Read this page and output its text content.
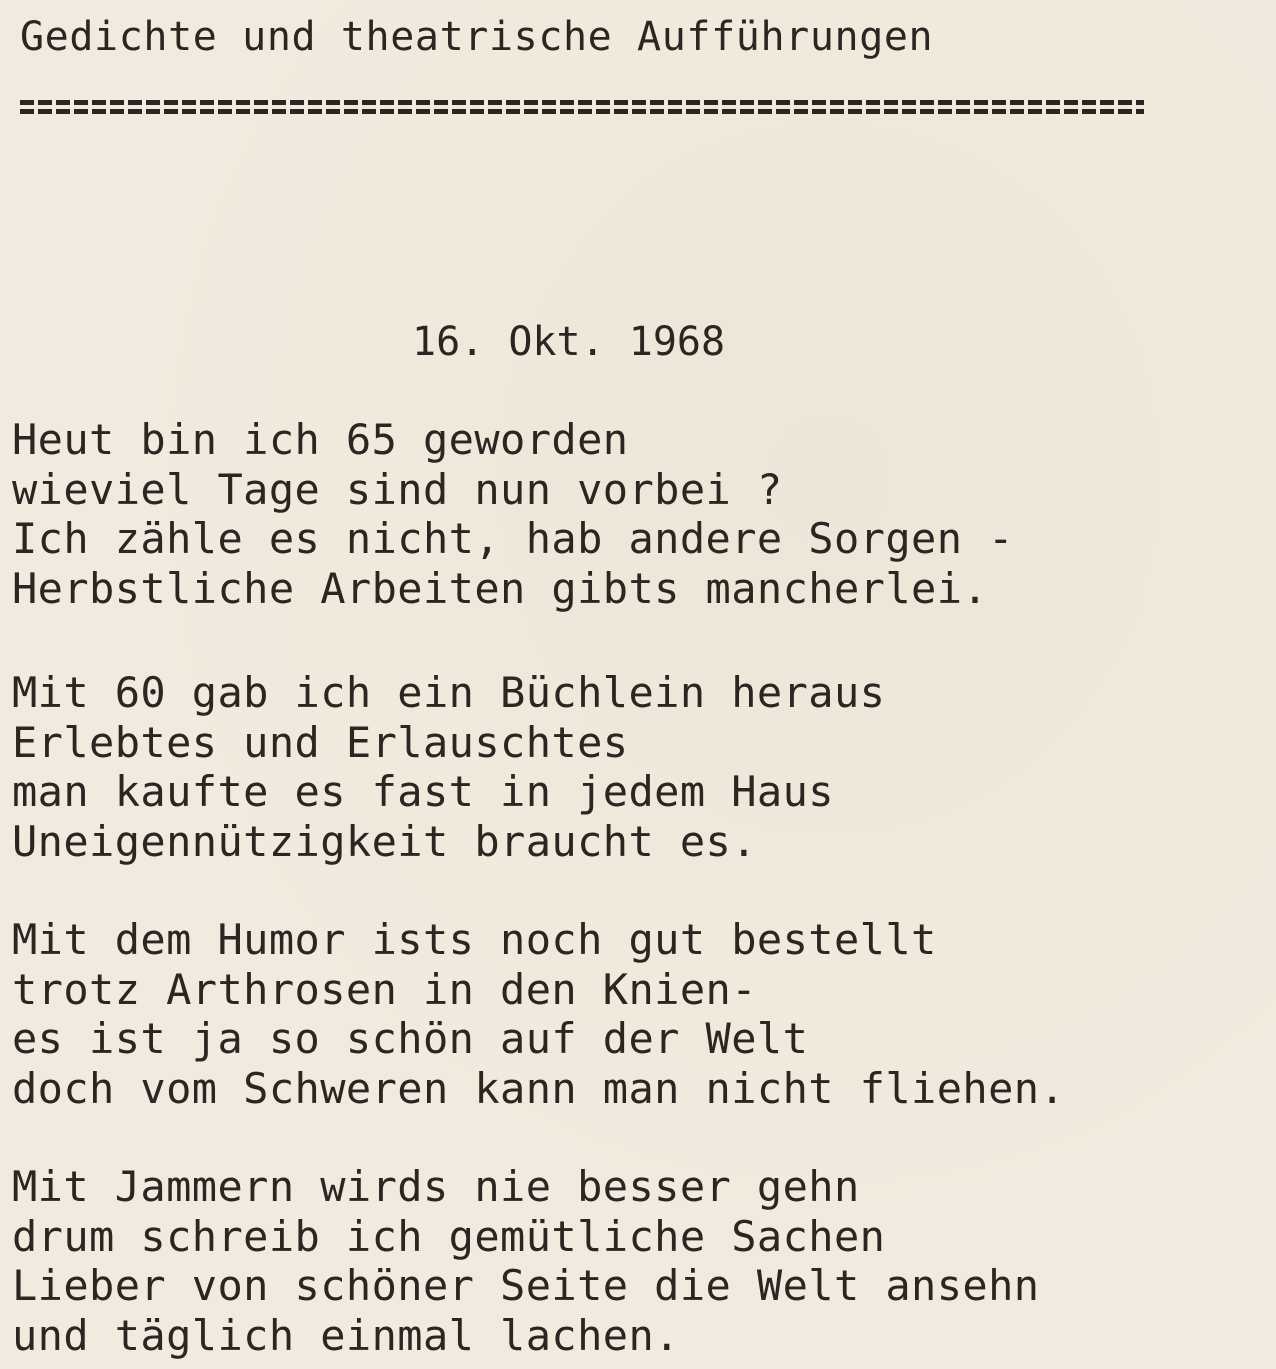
Gedichte und theatrische Aufführungen
16. Okt. 1968
Heut bin ich 65 geworden
wieviel Tage sind nun vorbei ?
Ich zähle es nicht, hab andere Sorgen -
Herbstliche Arbeiten gibts mancherlei.
Mit 60 gab ich ein Büchlein heraus
Erlebtes und Erlauschtes
man kaufte es fast in jedem Haus
Uneigennützigkeit braucht es.
Mit dem Humor ists noch gut bestellt
trotz Arthrosen in den Knien-
es ist ja so schön auf der Welt
doch vom Schweren kann man nicht fliehen.
Mit Jammern wirds nie besser gehn
drum schreib ich gemütliche Sachen
Lieber von schöner Seite die Welt ansehn
und täglich einmal lachen.
